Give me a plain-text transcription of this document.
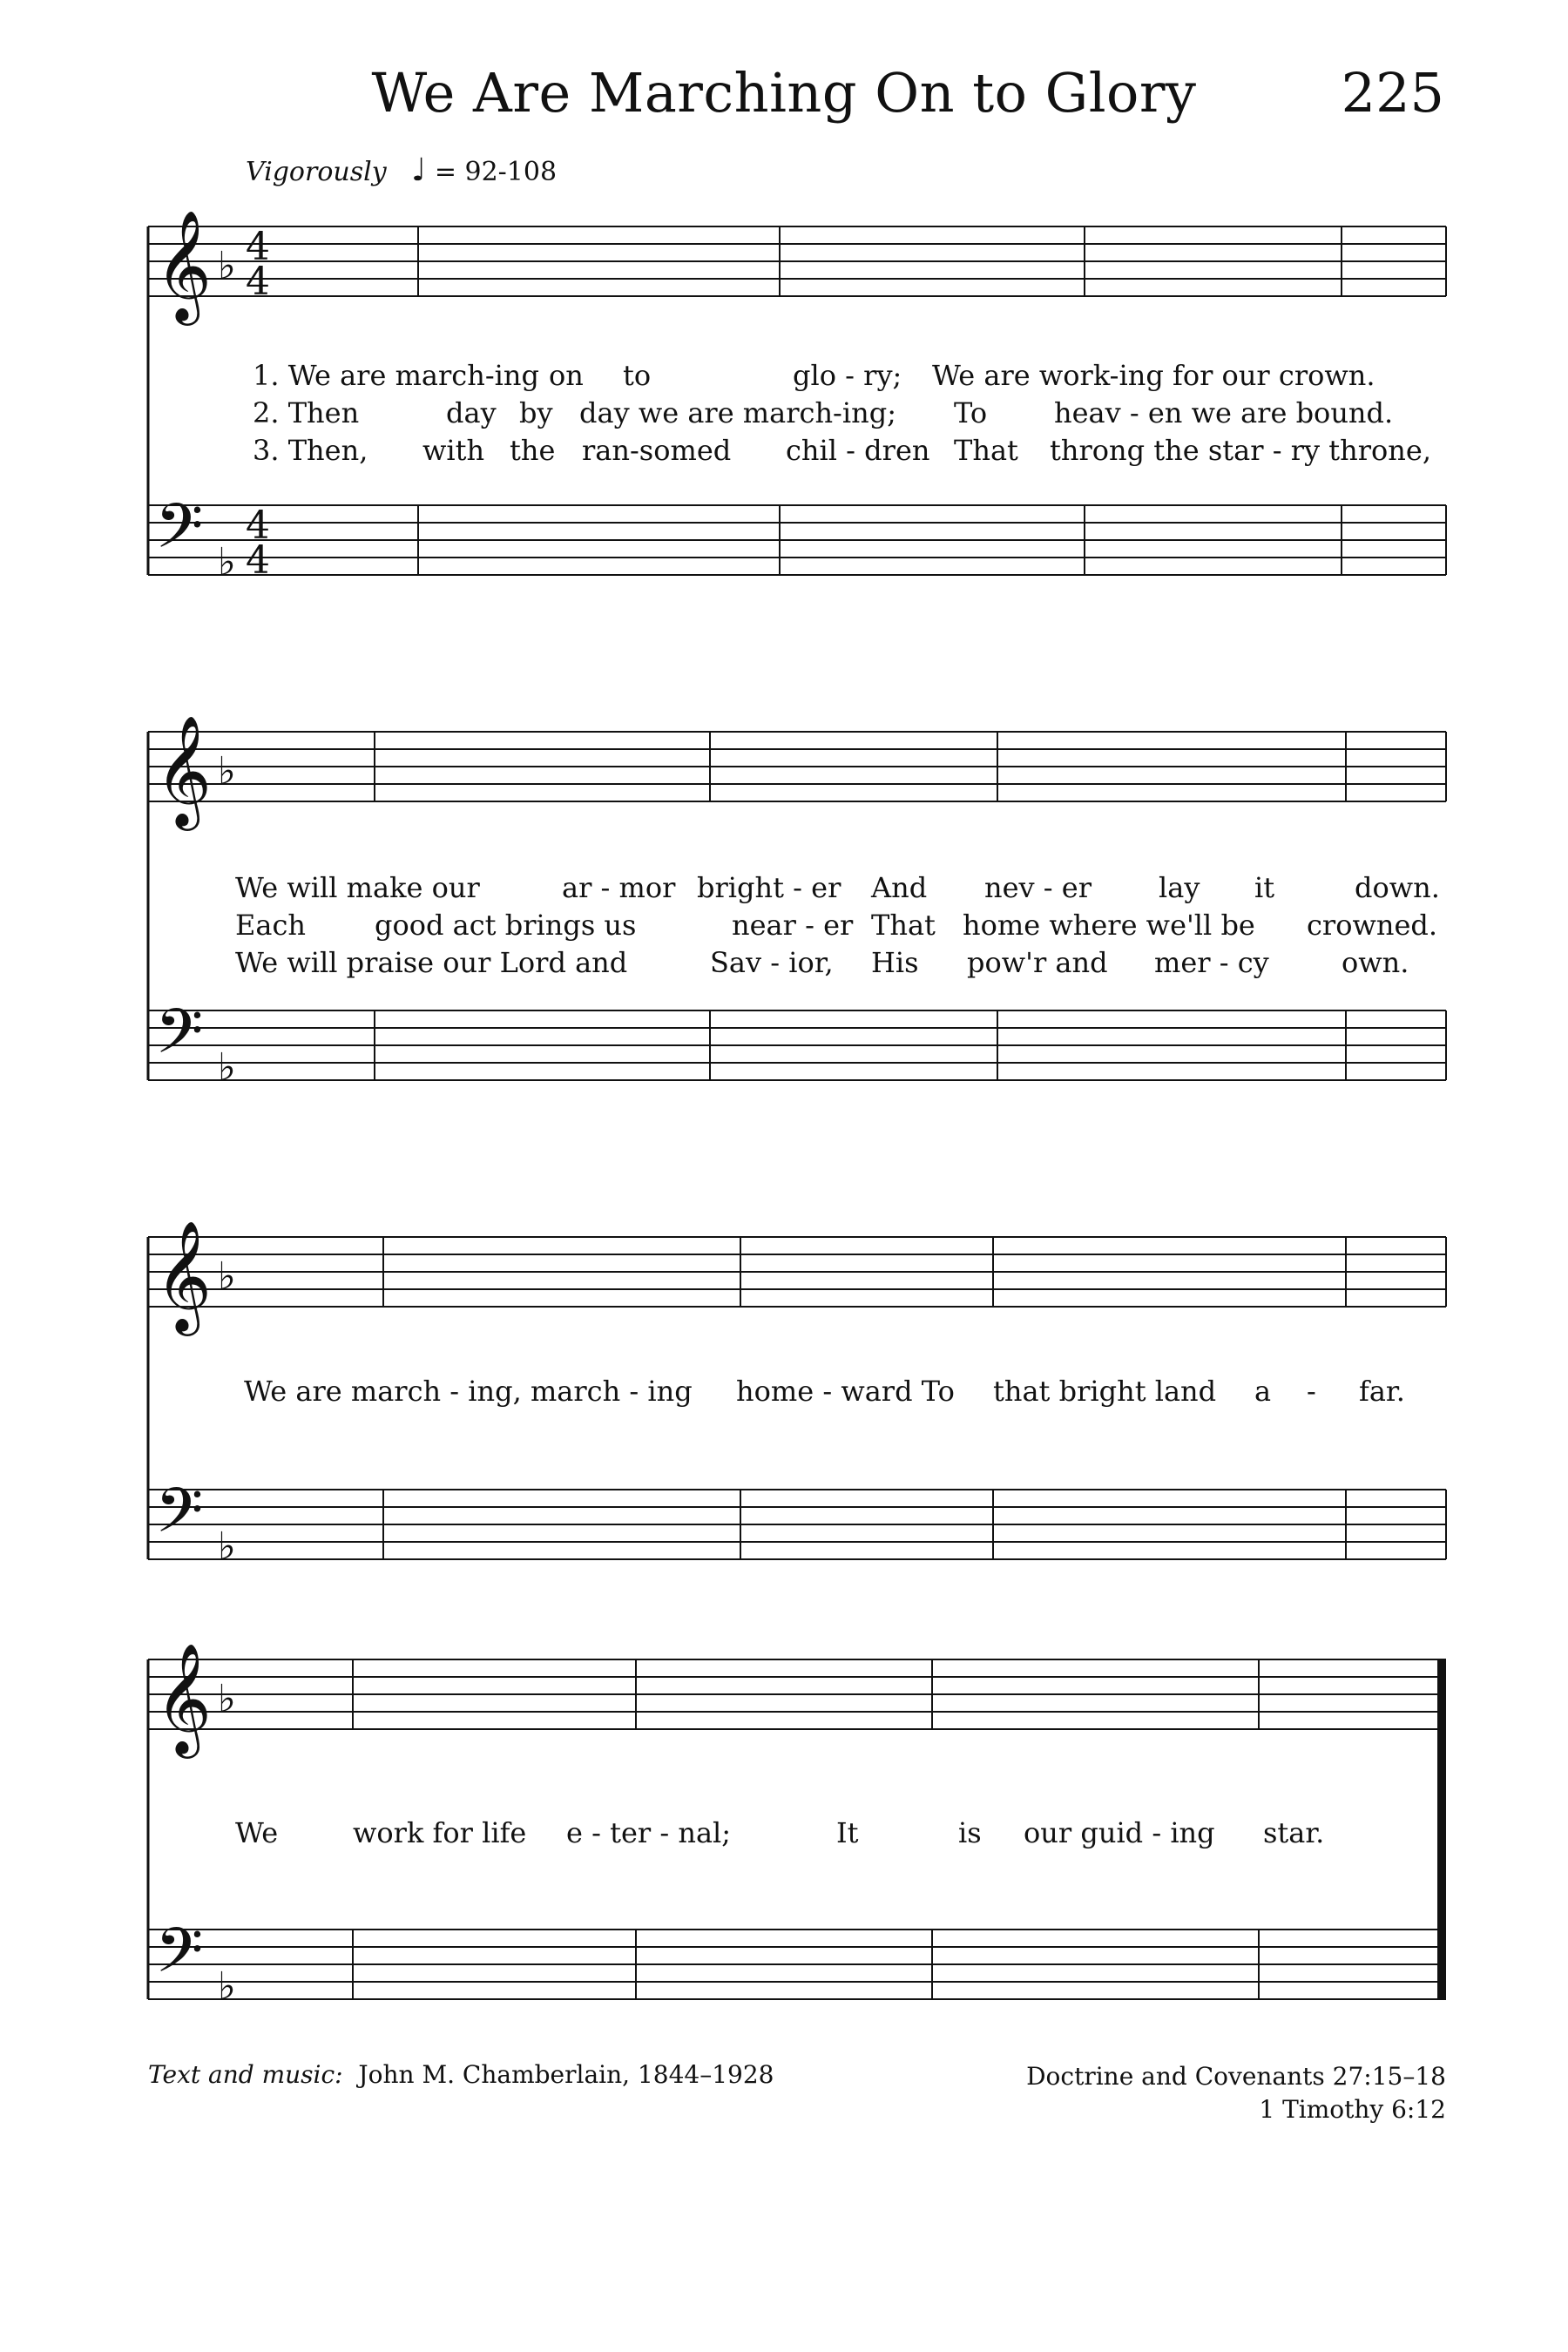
We Are Marching On to Glory	225
Vigorously ♩ = 92-108
𝄞
𝄢
♭
♭
4
4
4
4
𝄞
𝄢
♭
♭
𝄞
𝄢
♭
♭
𝄞
𝄢
♭
♭
1. We are march-ing on to	glo - ry; We are work-ing for our crown.
2. Then	day by day we are march-ing; To heav - en we are bound.
3. Then, with the ran-somed chil - dren That throng the star - ry throne,
We will make our	ar - mor bright - er And nev - er lay it	down.
Each good act brings us	near - er That home where we'll be crowned.
We will praise our Lord and	Sav - ior, His pow'r and mer - cy	own.
We are march - ing, march - ing home - ward To that bright land a - far.
We	work for life e - ter - nal;	It	is our guid - ing star.
Text and music: John M. Chamberlain, 1844–1928	Doctrine and Covenants 27:15–18
1 Timothy 6:12
